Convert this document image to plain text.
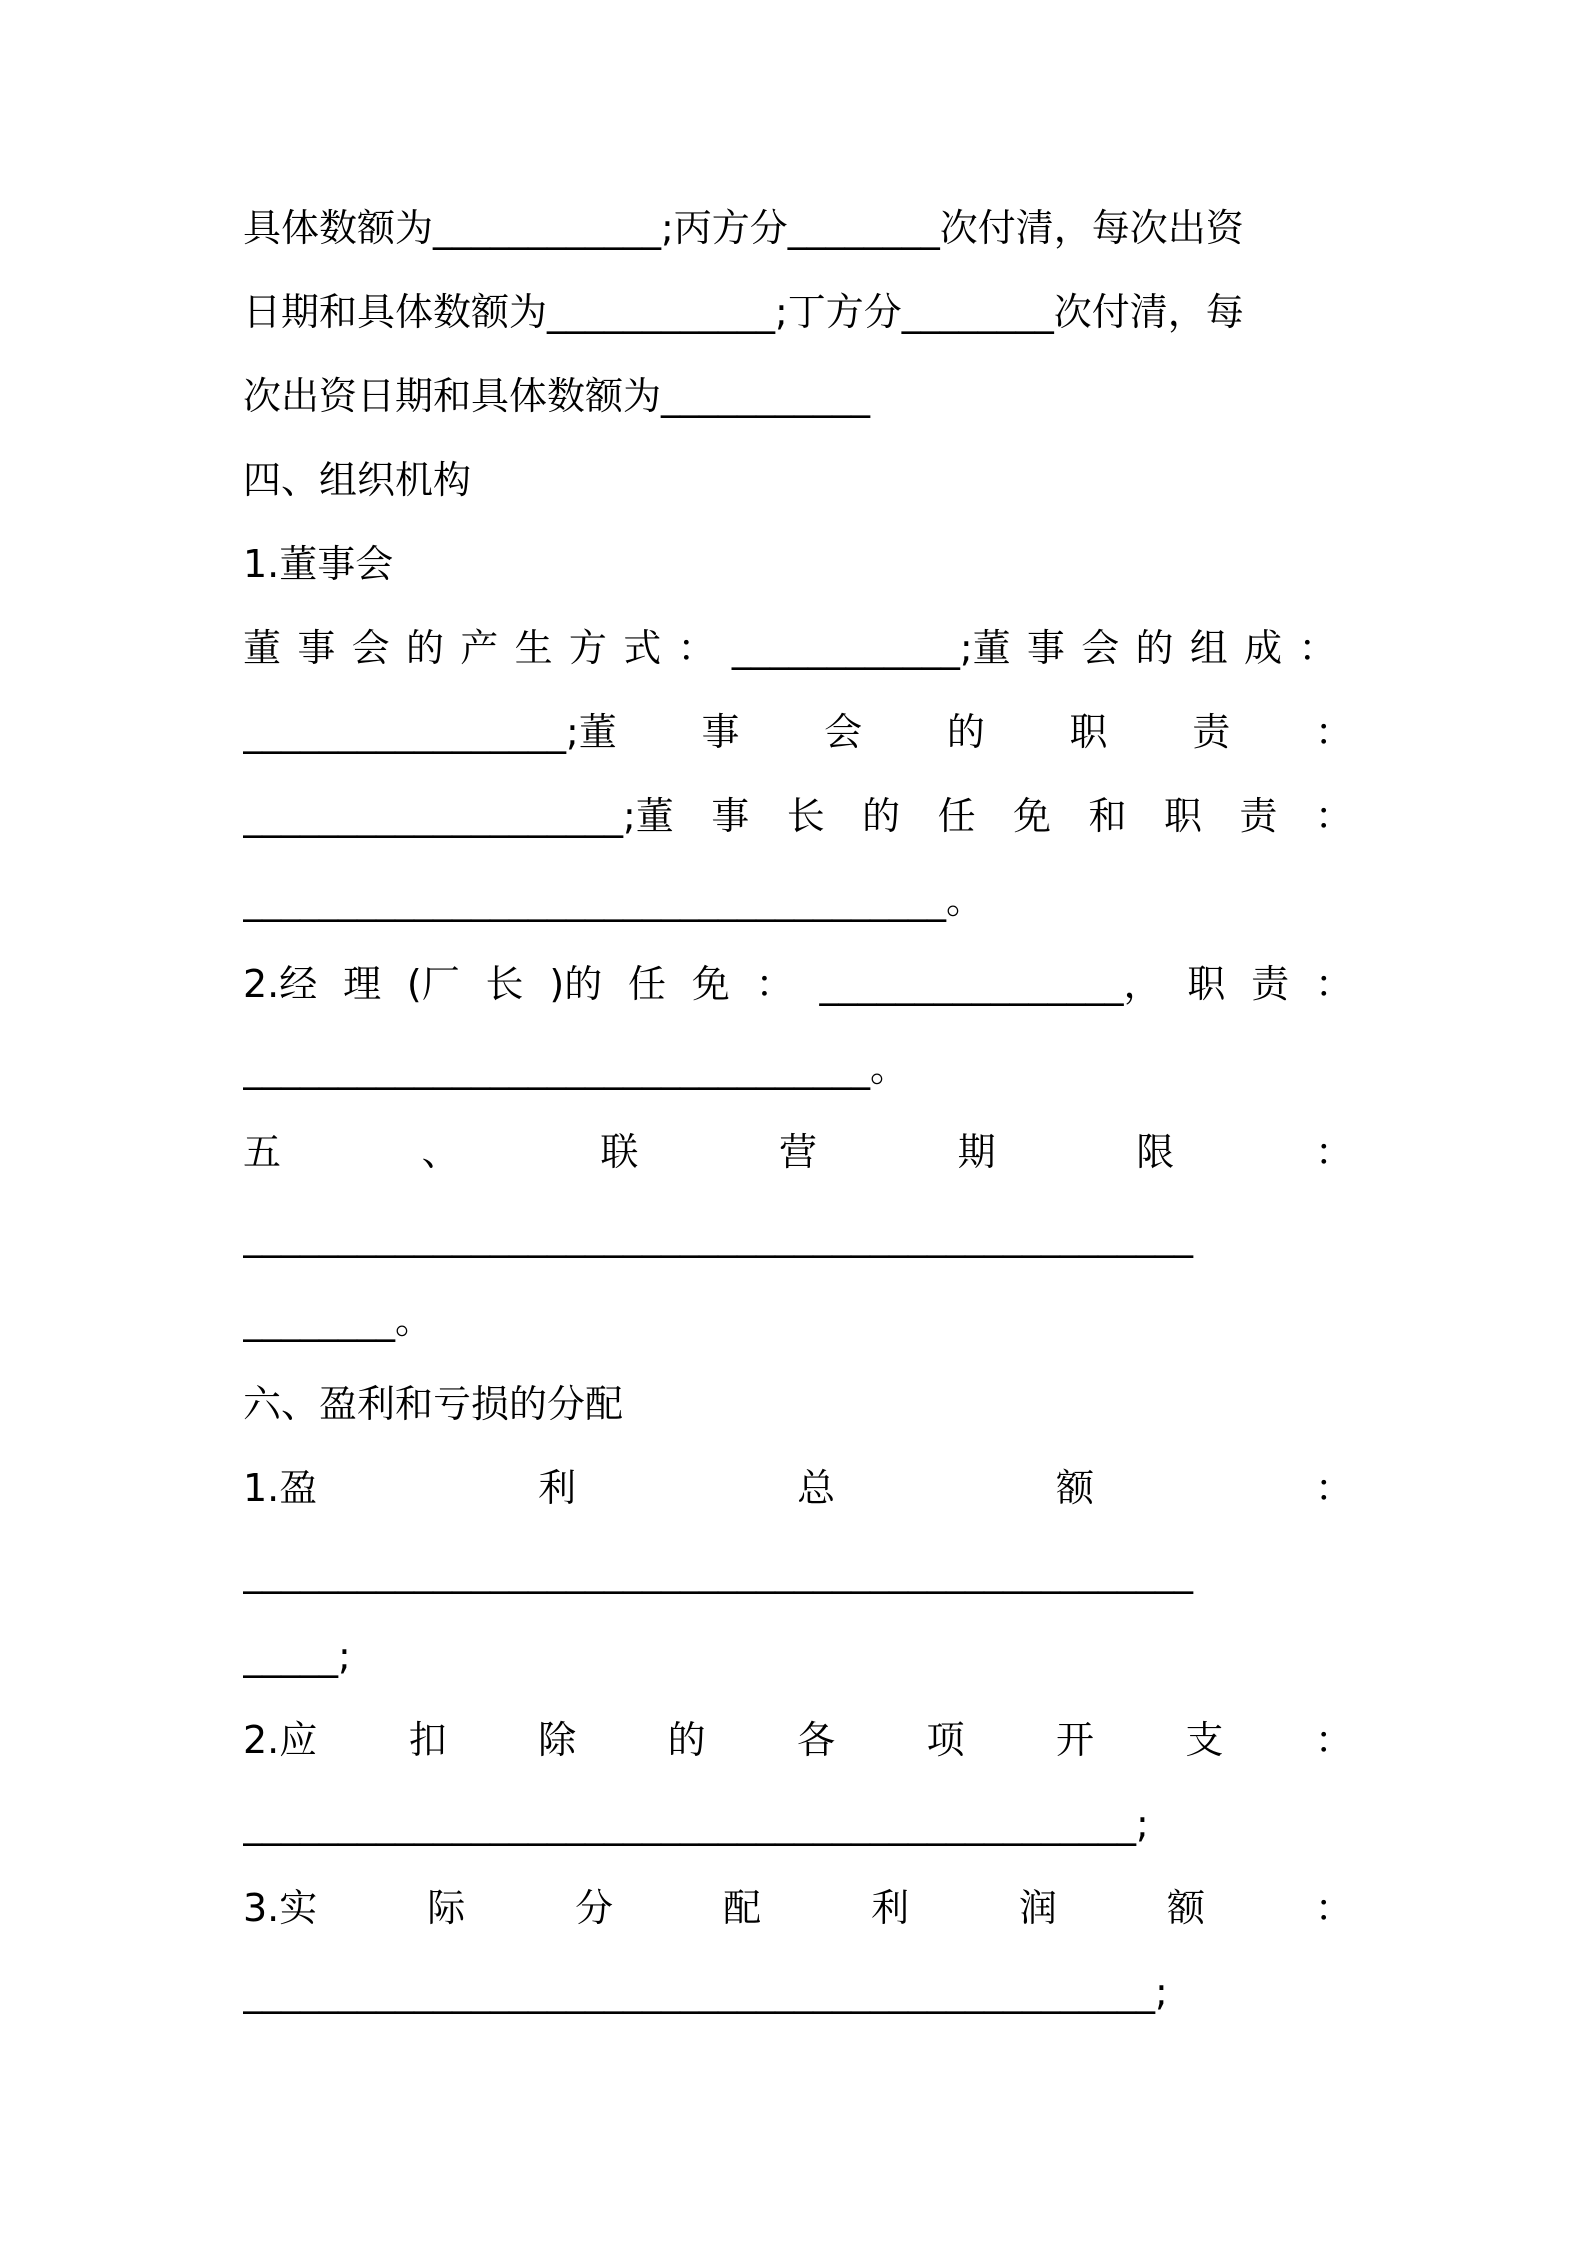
具体数额为____________;丙方分________次付清，每次出资
日期和具体数额为____________;丁方分________次付清，每
次出资日期和具体数额为___________
四、组织机构
1.董事会
董 事 会 的 产 生 方 式 ： ____________;董 事 会 的 组 成 ：
_________________;董 事 会 的 职 责 ：
____________________;董 事 长 的 任 免 和 职 责 ：
_____________________________________。
2.经 理 (厂 长 )的 任 免 ： ________________， 职 责 ：
_________________________________。
五	、	联	营	期	限	：
__________________________________________________
________。
六、盈利和亏损的分配
1.盈	利	总	额	：
__________________________________________________
_____;
2.应 扣 除 的 各 项 开 支 ：
_______________________________________________;
3.实	际	分	配	利	润	额	：
________________________________________________;
